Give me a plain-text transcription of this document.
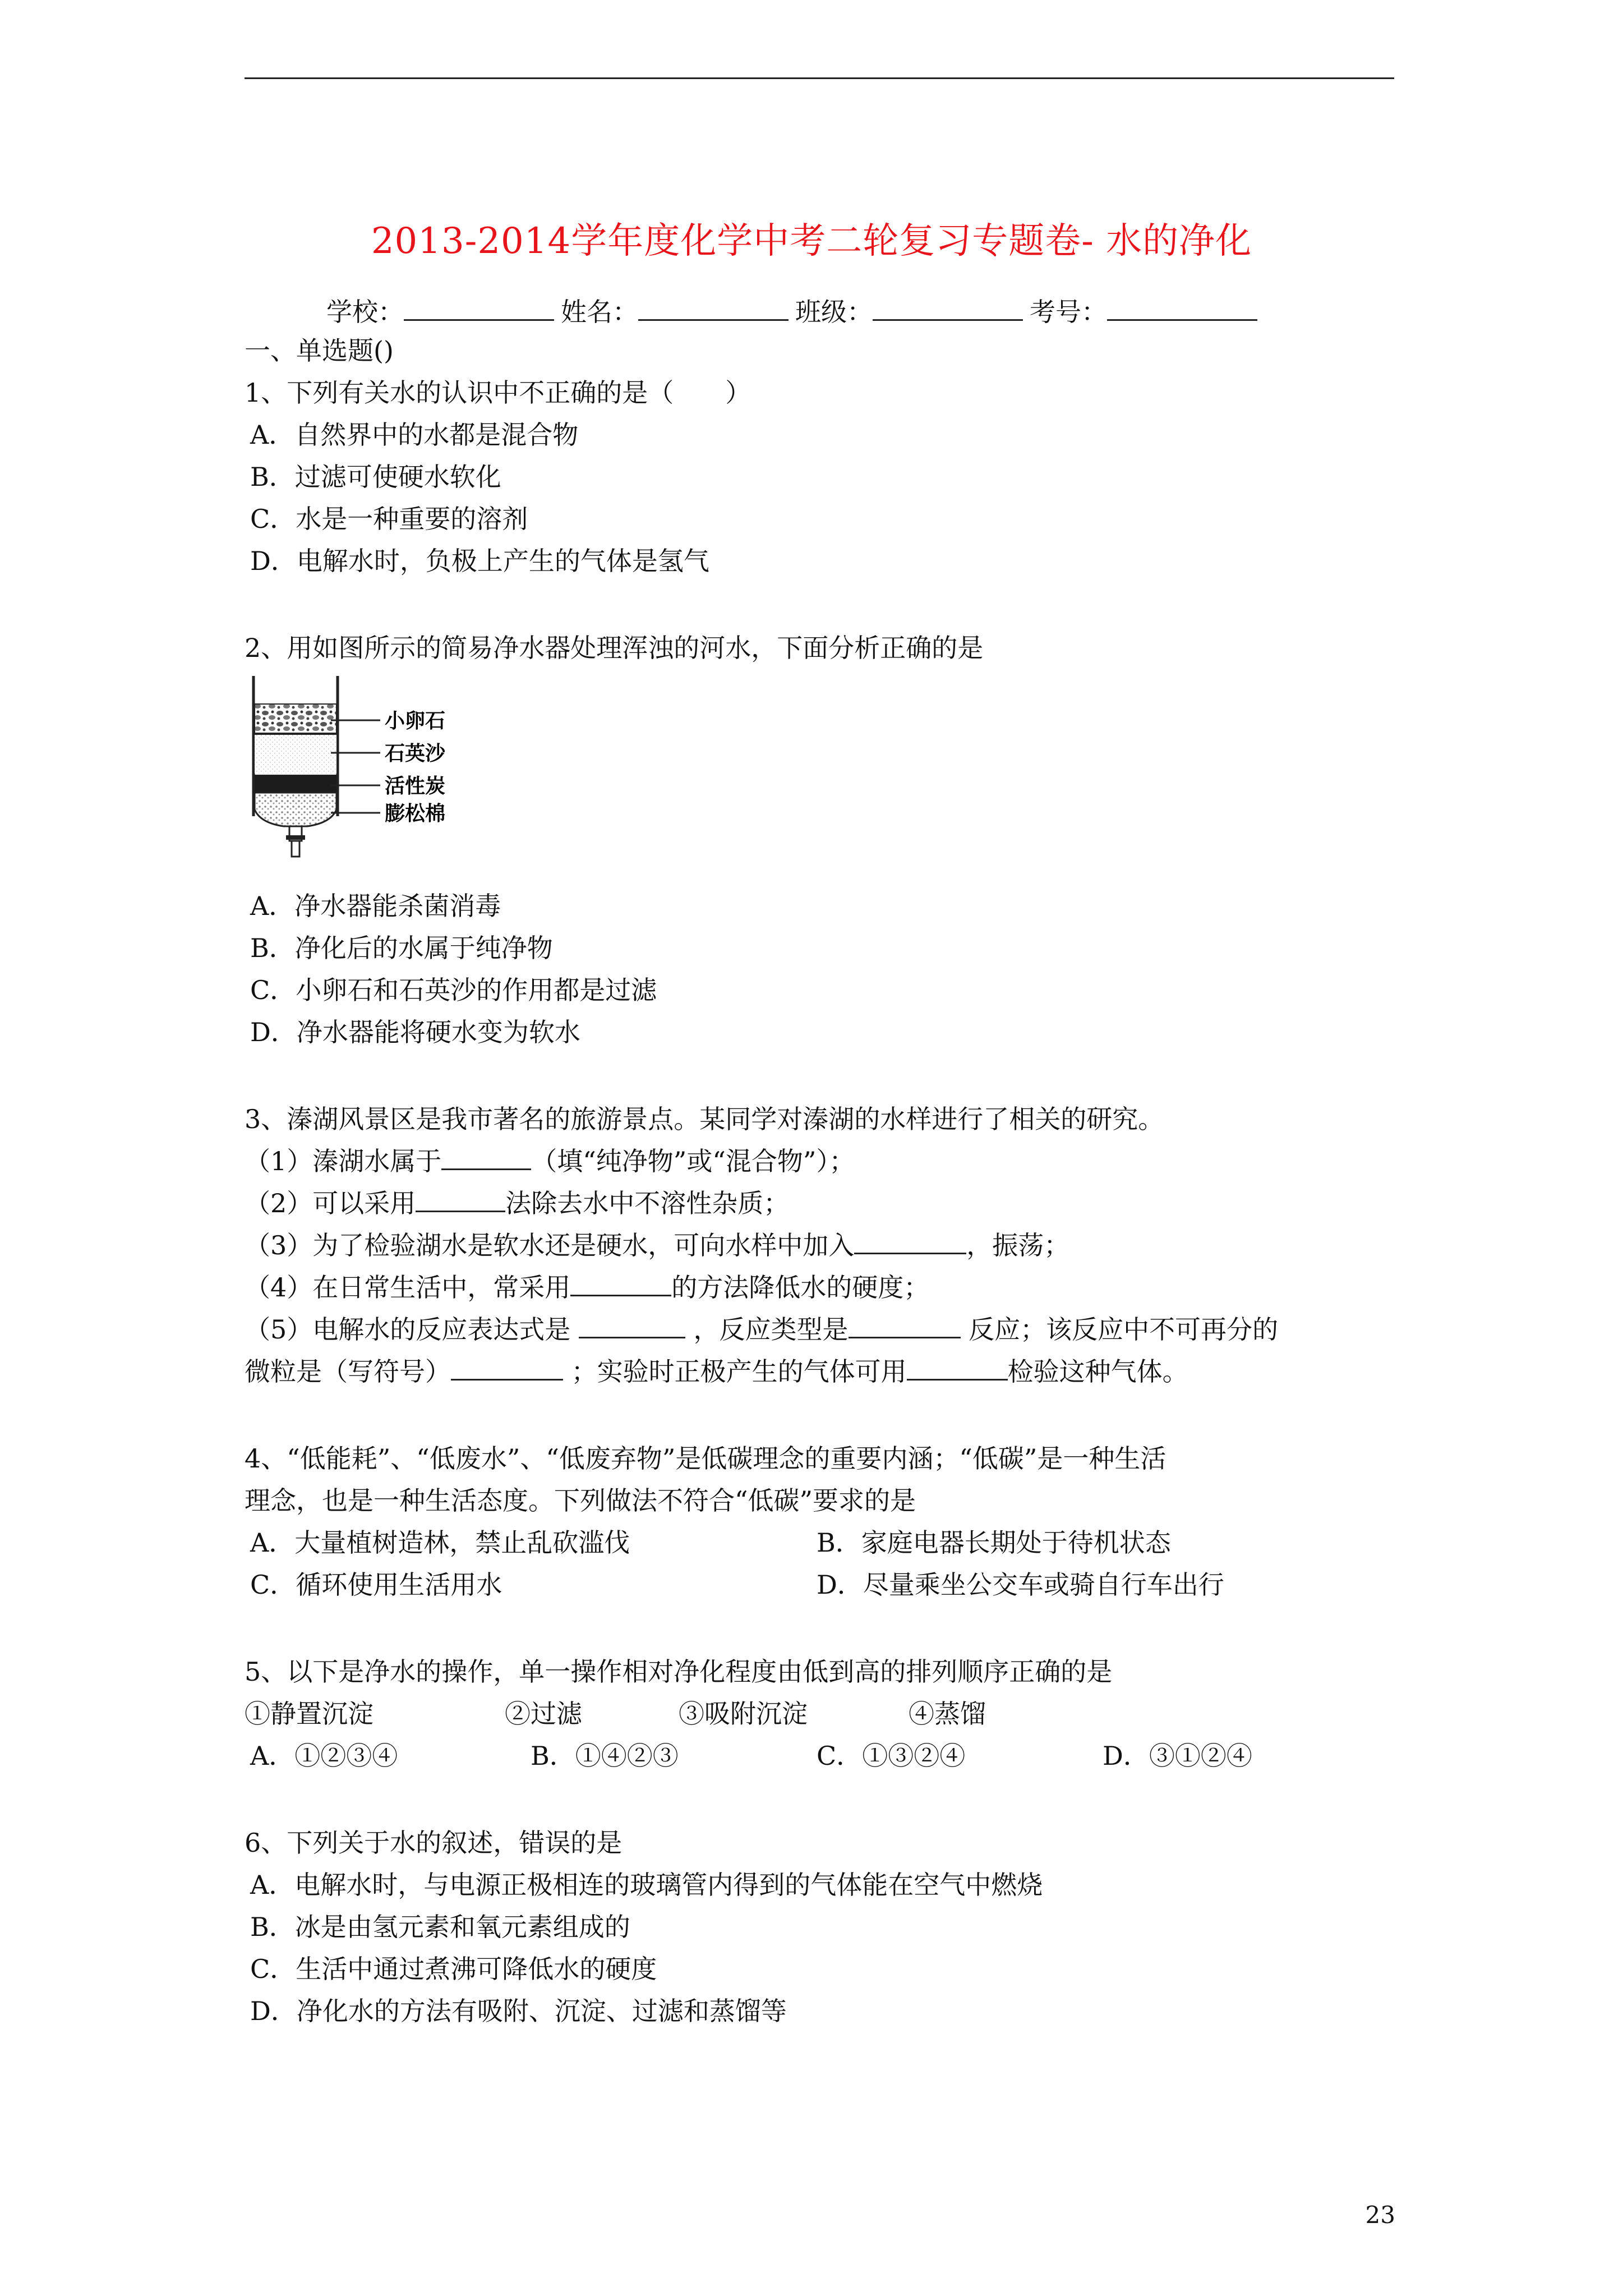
2013-2014学年度化学中考二轮复习专题卷- 水的净化
学校：	姓名：	班级：	考号：
一、单选题()
1、下列有关水的认识中不正确的是（　　）
A．自然界中的水都是混合物
B．过滤可使硬水软化
C．水是一种重要的溶剂
D．电解水时，负极上产生的气体是氢气
2、用如图所示的简易净水器处理浑浊的河水，下面分析正确的是
小卵石
石英沙
活性炭
膨松棉
A．净水器能杀菌消毒
B．净化后的水属于纯净物
C．小卵石和石英沙的作用都是过滤
D．净水器能将硬水变为软水
3、溱湖风景区是我市著名的旅游景点。某同学对溱湖的水样进行了相关的研究。
（1）溱湖水属于	（填“纯净物”或“混合物”）；
（2）可以采用	法除去水中不溶性杂质；
（3）为了检验湖水是软水还是硬水，可向水样中加入	，振荡；
（4）在日常生活中，常采用	的方法降低水的硬度；
（5）电解水的反应表达式是	，反应类型是	反应；该反应中不可再分的
微粒是（写符号）	；实验时正极产生的气体可用	检验这种气体。
4、“低能耗”、“低废水”、“低废弃物”是低碳理念的重要内涵；“低碳”是一种生活
理念，也是一种生活态度。下列做法不符合“低碳”要求的是
A．大量植树造林，禁止乱砍滥伐	B．家庭电器长期处于待机状态
C．循环使用生活用水	D．尽量乘坐公交车或骑自行车出行
5、以下是净水的操作，单一操作相对净化程度由低到高的排列顺序正确的是
①静置沉淀	②过滤	③吸附沉淀	④蒸馏
A．①②③④	B．①④②③	C．①③②④	D．③①②④
6、下列关于水的叙述，错误的是
A．电解水时，与电源正极相连的玻璃管内得到的气体能在空气中燃烧
B．冰是由氢元素和氧元素组成的
C．生活中通过煮沸可降低水的硬度
D．净化水的方法有吸附、沉淀、过滤和蒸馏等
23
